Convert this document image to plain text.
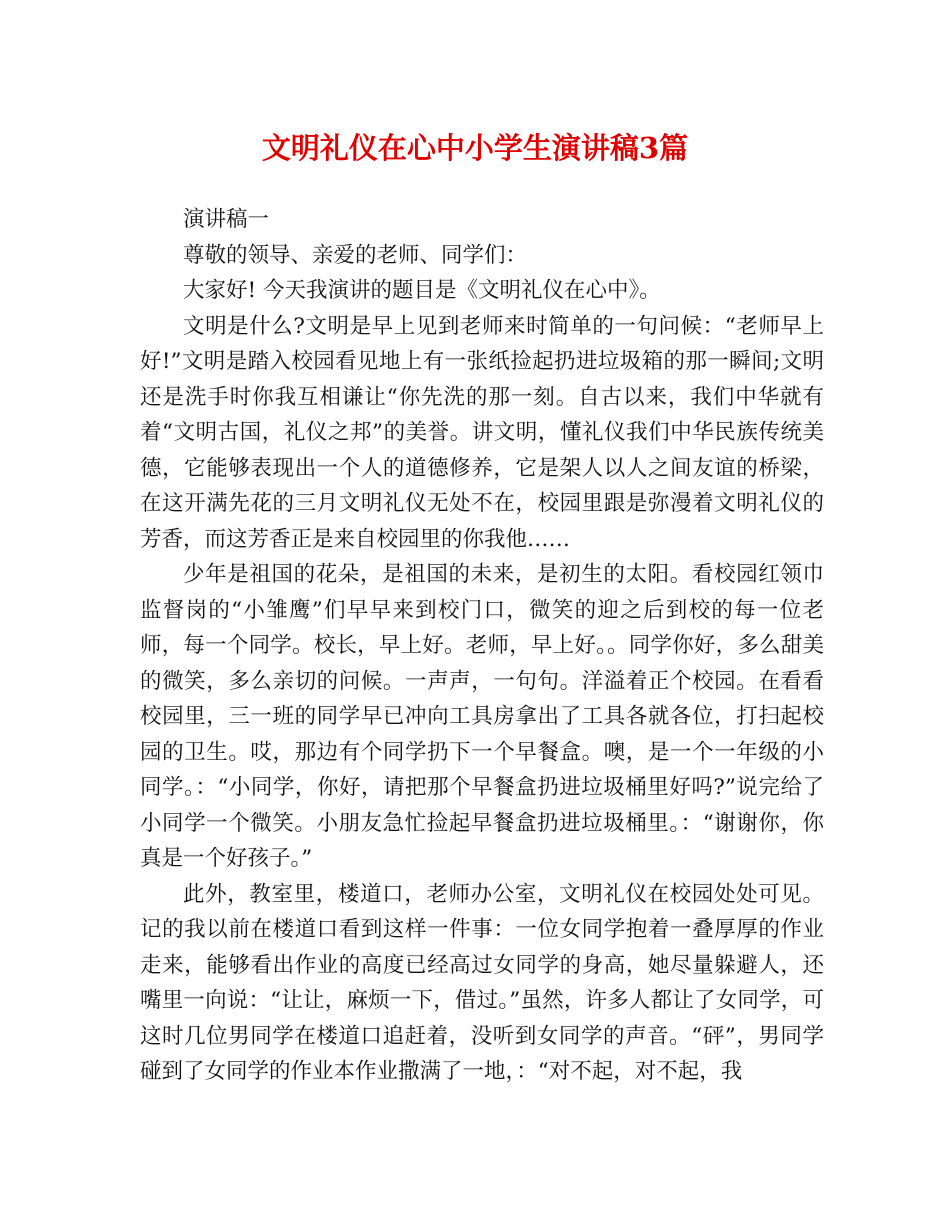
文明礼仪在心中小学生演讲稿3篇

演讲稿一

尊敬的领导、亲爱的老师、同学们：

大家好! 今天我演讲的题目是《文明礼仪在心中》。

文明是什么?文明是早上见到老师来时简单的一句问候：“老师早上好!”文明是踏入校园看见地上有一张纸捡起扔进垃圾箱的那一瞬间;文明还是洗手时你我互相谦让“你先洗的那一刻。自古以来，我们中华就有着“文明古国，礼仪之邦”的美誉。讲文明，懂礼仪我们中华民族传统美德，它能够表现出一个人的道德修养，它是架人以人之间友谊的桥梁，在这开满先花的三月文明礼仪无处不在，校园里跟是弥漫着文明礼仪的芳香，而这芳香正是来自校园里的你我他……

少年是祖国的花朵，是祖国的未来，是初生的太阳。看校园红领巾监督岗的“小雏鹰”们早早来到校门口，微笑的迎之后到校的每一位老师，每一个同学。校长，早上好。老师，早上好。。同学你好，多么甜美的微笑，多么亲切的问候。一声声，一句句。洋溢着正个校园。在看看校园里，三一班的同学早已冲向工具房拿出了工具各就各位，打扫起校园的卫生。哎，那边有个同学扔下一个早餐盒。噢，是一个一年级的小同学。：“小同学，你好，请把那个早餐盒扔进垃圾桶里好吗?”说完给了小同学一个微笑。小朋友急忙捡起早餐盒扔进垃圾桶里。：“谢谢你，你真是一个好孩子。”

此外，教室里，楼道口，老师办公室，文明礼仪在校园处处可见。记的我以前在楼道口看到这样一件事：一位女同学抱着一叠厚厚的作业走来，能够看出作业的高度已经高过女同学的身高，她尽量躲避人，还嘴里一向说：“让让，麻烦一下，借过。”虽然，许多人都让了女同学，可这时几位男同学在楼道口追赶着，没听到女同学的声音。“砰”，男同学碰到了女同学的作业本作业撒满了一地，：“对不起，对不起，我
